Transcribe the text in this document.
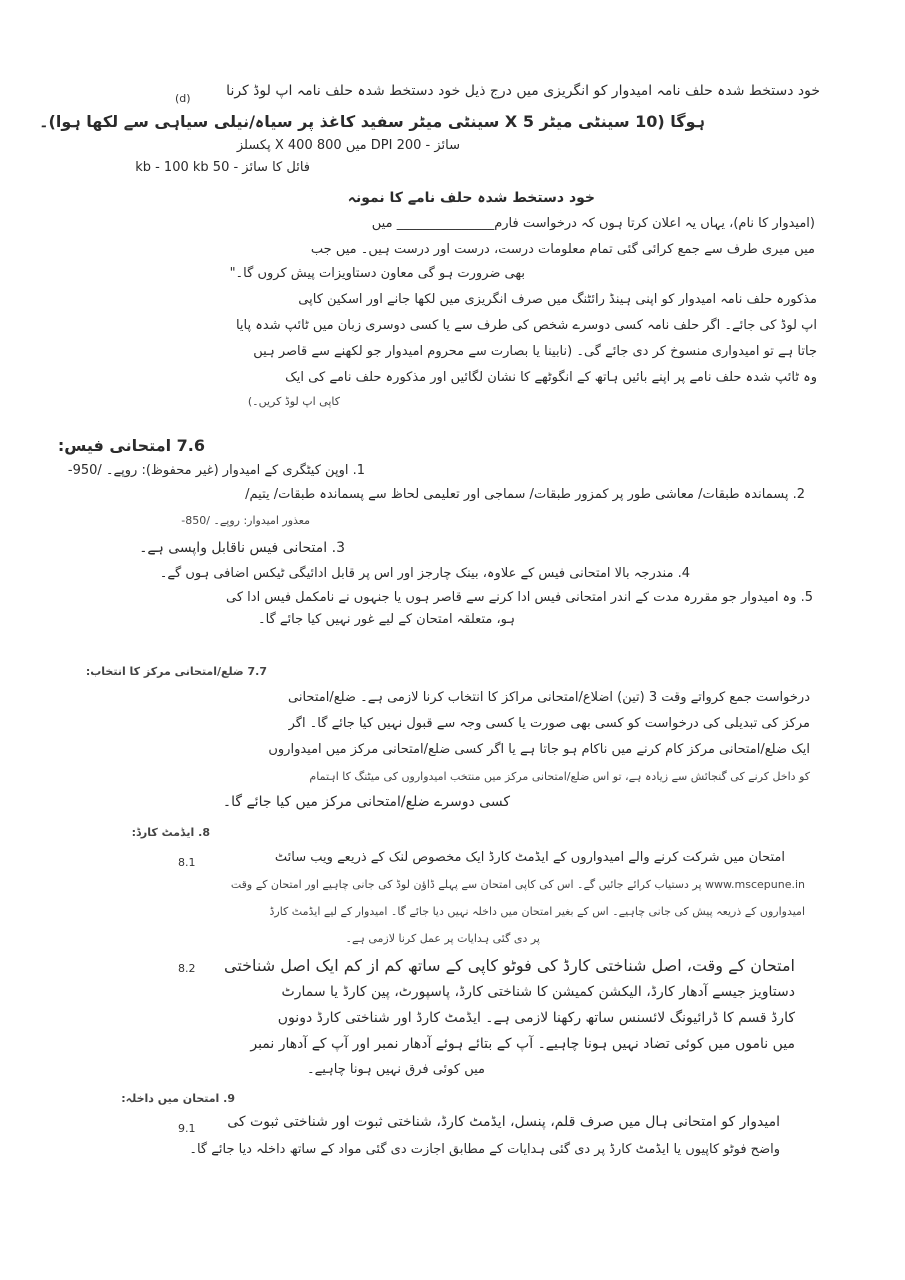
(d)	خود دستخط شدہ حلف نامہ امیدوار کو انگریزی میں درج ذیل خود دستخط شدہ حلف نامہ اپ لوڈ کرنا
ہوگا (10 سینٹی میٹر 5 X سینٹی میٹر سفید کاغذ پر سیاہ/نیلی سیاہی سے لکھا ہوا)۔
سائز - DPI 200 میں 800 X 400 پکسلز
فائل کا سائز - 50 kb - 100 kb
خود دستخط شدہ حلف نامے کا نمونہ
(امیدوار کا نام)، یہاں یہ اعلان کرتا ہوں کہ درخواست فارم_______________ میں
میں میری طرف سے جمع کرائی گئی تمام معلومات درست، درست اور درست ہیں۔ میں جب
بھی ضرورت ہو گی معاون دستاویزات پیش کروں گا۔"
مذکورہ حلف نامہ امیدوار کو اپنی ہینڈ رائٹنگ میں صرف انگریزی میں لکھا جانے اور اسکین کاپی
اپ لوڈ کی جائے۔ اگر حلف نامہ کسی دوسرے شخص کی طرف سے یا کسی دوسری زبان میں ٹائپ شدہ پایا
جاتا ہے تو امیدواری منسوخ کر دی جائے گی۔ (نابینا یا بصارت سے محروم امیدوار جو لکھنے سے قاصر ہیں
وہ ٹائپ شدہ حلف نامے پر اپنے بائیں ہاتھ کے انگوٹھے کا نشان لگائیں اور مذکورہ حلف نامے کی ایک
کاپی اپ لوڈ کریں۔)
7.6 امتحانی فیس:
1. اوپن کیٹگری کے امیدوار (غیر محفوظ): روپے۔ /950-
2. پسماندہ طبقات/ معاشی طور پر کمزور طبقات/ سماجی اور تعلیمی لحاظ سے پسماندہ طبقات/ یتیم/
معذور امیدوار: روپے۔ /850-
3. امتحانی فیس ناقابل واپسی ہے۔
4. مندرجہ بالا امتحانی فیس کے علاوہ، بینک چارجز اور اس پر قابل ادائیگی ٹیکس اضافی ہوں گے۔
5. وہ امیدوار جو مقررہ مدت کے اندر امتحانی فیس ادا کرنے سے قاصر ہوں یا جنہوں نے نامکمل فیس ادا کی
ہو، متعلقہ امتحان کے لیے غور نہیں کیا جائے گا۔
7.7 ضلع/امتحانی مرکز کا انتخاب:
درخواست جمع کرواتے وقت 3 (تین) اضلاع/امتحانی مراکز کا انتخاب کرنا لازمی ہے۔ ضلع/امتحانی
مرکز کی تبدیلی کی درخواست کو کسی بھی صورت یا کسی وجہ سے قبول نہیں کیا جائے گا۔ اگر
ایک ضلع/امتحانی مرکز کام کرنے میں ناکام ہو جاتا ہے یا اگر کسی ضلع/امتحانی مرکز میں امیدواروں
کو داخل کرنے کی گنجائش سے زیادہ ہے، تو اس ضلع/امتحانی مرکز میں منتخب امیدواروں کی میٹنگ کا اہتمام
کسی دوسرے ضلع/امتحانی مرکز میں کیا جائے گا۔
8. ایڈمٹ کارڈ:
8.1	امتحان میں شرکت کرنے والے امیدواروں کے ایڈمٹ کارڈ ایک مخصوص لنک کے ذریعے ویب سائٹ
www.mscepune.in پر دستیاب کرائے جائیں گے۔ اس کی کاپی امتحان سے پہلے ڈاؤن لوڈ کی جانی چاہیے اور امتحان کے وقت
امیدواروں کے ذریعہ پیش کی جانی چاہیے۔ اس کے بغیر امتحان میں داخلہ نہیں دیا جائے گا۔ امیدوار کے لیے ایڈمٹ کارڈ
پر دی گئی ہدایات پر عمل کرنا لازمی ہے۔
8.2 امتحان کے وقت، اصل شناختی کارڈ کی فوٹو کاپی کے ساتھ کم از کم ایک اصل شناختی
دستاویز جیسے آدھار کارڈ، الیکشن کمیشن کا شناختی کارڈ، پاسپورٹ، پین کارڈ یا سمارٹ
کارڈ قسم کا ڈرائیونگ لائسنس ساتھ رکھنا لازمی ہے۔ ایڈمٹ کارڈ اور شناختی کارڈ دونوں
میں ناموں میں کوئی تضاد نہیں ہونا چاہیے۔ آپ کے بتائے ہوئے آدھار نمبر اور آپ کے آدھار نمبر
میں کوئی فرق نہیں ہونا چاہیے۔
9. امتحان میں داخلہ:
9.1 امیدوار کو امتحانی ہال میں صرف قلم، پنسل، ایڈمٹ کارڈ، شناختی ثبوت اور شناختی ثبوت کی
واضح فوٹو کاپیوں یا ایڈمٹ کارڈ پر دی گئی ہدایات کے مطابق اجازت دی گئی مواد کے ساتھ داخلہ دیا جائے گا۔
